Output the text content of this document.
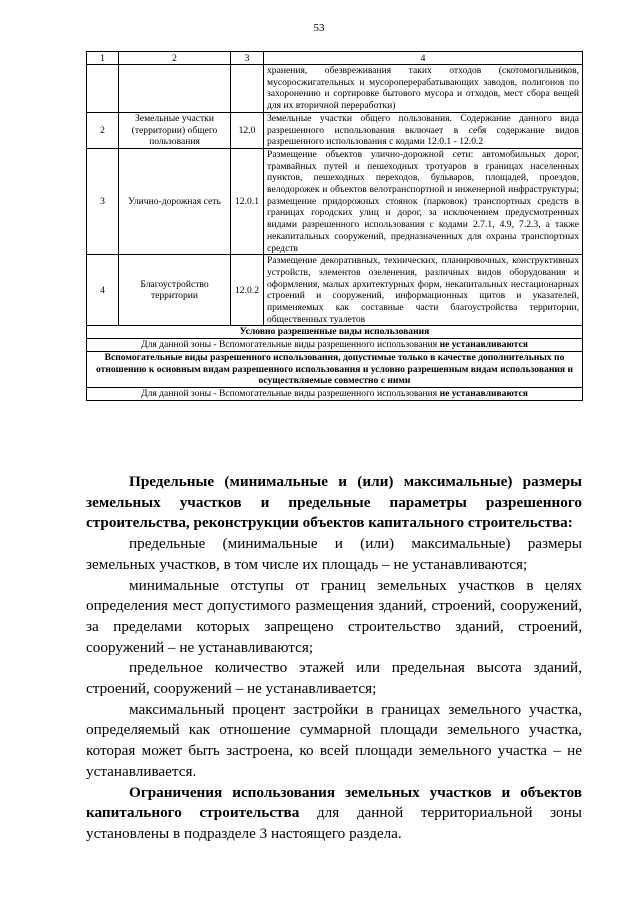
53
1	2	3	4
			хранения, обезвреживания таких отходов (скотомогильников, мусоросжигательных и мусороперерабатывающих заводов, полигонов по захоронению и сортировке бытового мусора и отходов, мест сбора вещей для их вторичной переработки)
2	Земельные участки (территории) общего пользования	12.0	Земельные участки общего пользования. Содержание данного вида разрешенного использования включает в себя содержание видов разрешенного использования с кодами 12.0.1 - 12.0.2
3	Улично-дорожная сеть	12.0.1	Размещение объектов улично-дорожной сети: автомобильных дорог, трамвайных путей и пешеходных тротуаров в границах населенных пунктов, пешеходных переходов, бульваров, площадей, проездов, велодорожек и объектов велотранспортной и инженерной инфраструктуры; размещение придорожных стоянок (парковок) транспортных средств в границах городских улиц и дорог, за исключением предусмотренных видами разрешенного использования с кодами 2.7.1, 4.9, 7.2.3, а также некапитальных сооружений, предназначенных для охраны транспортных средств
4	Благоустройство территории	12.0.2	Размещение декоративных, технических, планировочных, конструктивных устройств, элементов озеленения, различных видов оборудования и оформления, малых архитектурных форм, некапитальных нестационарных строений и сооружений, информационных щитов и указателей, применяемых как составные части благоустройства территории, общественных туалетов
Условно разрешенные виды использования			
Для данной зоны - Вспомогательные виды разрешенного использования не устанавливаются			
Вспомогательные виды разрешенного использования, допустимые только в качестве дополнительных по отношению к основным видам разрешенного использования и условно разрешенным видам использования и осуществляемые совместно с ними			
Для данной зоны - Вспомогательные виды разрешенного использования не устанавливаются			

Предельные (минимальные и (или) максимальные) размеры земельных участков и предельные параметры разрешенного строительства, реконструкции объектов капитального строительства:

предельные (минимальные и (или) максимальные) размеры земельных участков, в том числе их площадь – не устанавливаются;

минимальные отступы от границ земельных участков в целях определения мест допустимого размещения зданий, строений, сооружений, за пределами которых запрещено строительство зданий, строений, сооружений – не устанавливаются;

предельное количество этажей или предельная высота зданий, строений, сооружений – не устанавливается;

максимальный процент застройки в границах земельного участка, определяемый как отношение суммарной площади земельного участка, которая может быть застроена, ко всей площади земельного участка – не устанавливается.

Ограничения использования земельных участков и объектов капитального строительства для данной территориальной зоны установлены в подразделе 3 настоящего раздела.
